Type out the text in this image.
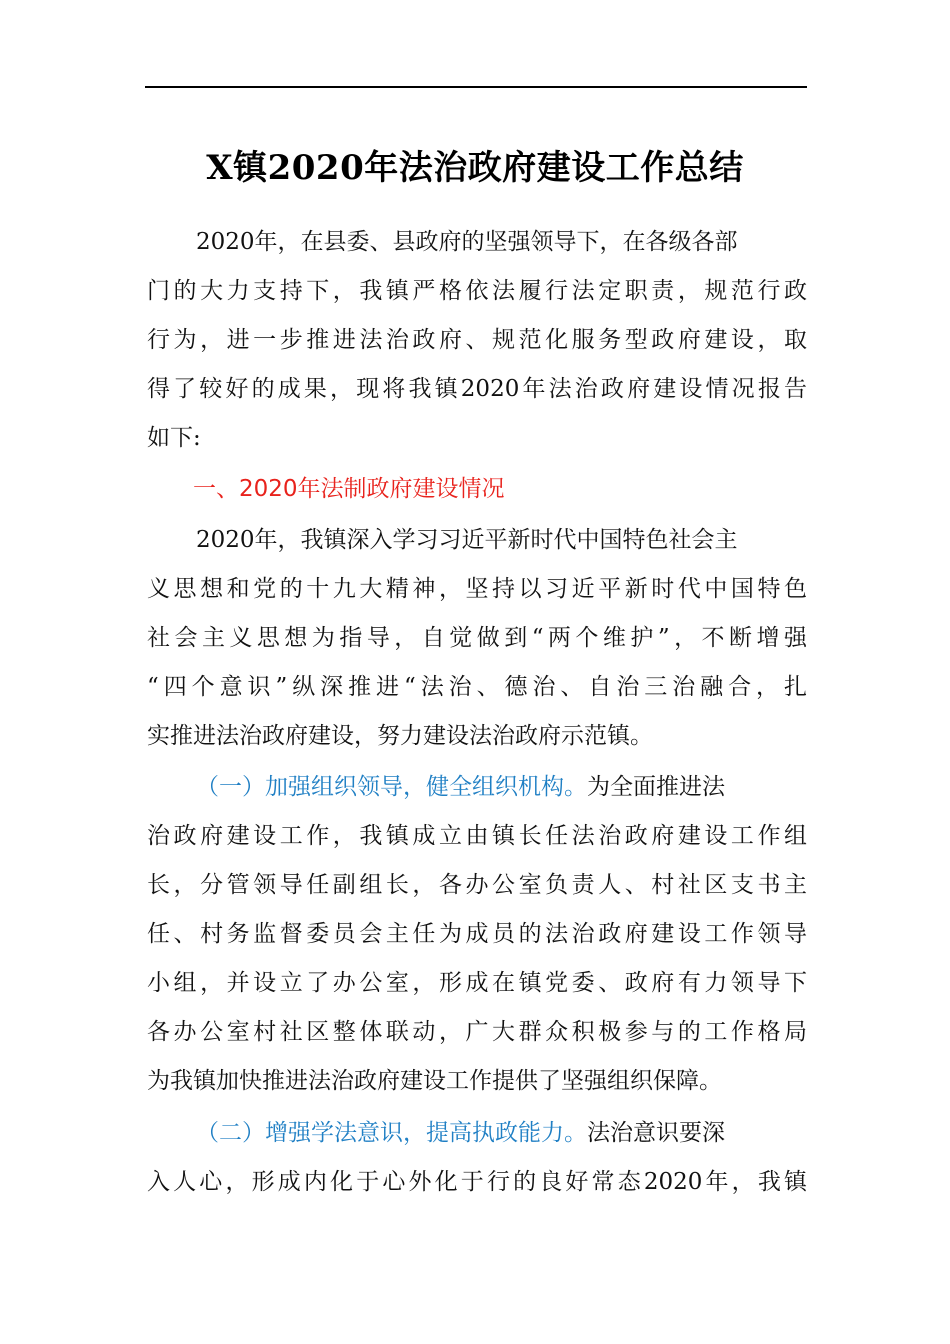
X镇2020年法治政府建设工作总结
2020年，在县委、县政府的坚强领导下，在各级各部
门的大力支持下，我镇严格依法履行法定职责，规范行政
行为，进一步推进法治政府、规范化服务型政府建设，取
得了较好的成果，现将我镇2020年法治政府建设情况报告
如下:
一、2020年法制政府建设情况
2020年，我镇深入学习习近平新时代中国特色社会主
义思想和党的十九大精神，坚持以习近平新时代中国特色
社会主义思想为指导，自觉做到“两个维护”，不断增强
“四个意识”纵深推进“法治、德治、自治三治融合，扎
实推进法治政府建设，努力建设法治政府示范镇。
（一）加强组织领导，健全组织机构。为全面推进法
治政府建设工作，我镇成立由镇长任法治政府建设工作组
长，分管领导任副组长，各办公室负责人、村社区支书主
任、村务监督委员会主任为成员的法治政府建设工作领导
小组，并设立了办公室，形成在镇党委、政府有力领导下
各办公室村社区整体联动，广大群众积极参与的工作格局
为我镇加快推进法治政府建设工作提供了坚强组织保障。
（二）增强学法意识，提高执政能力。法治意识要深
入人心，形成内化于心外化于行的良好常态2020年，我镇
